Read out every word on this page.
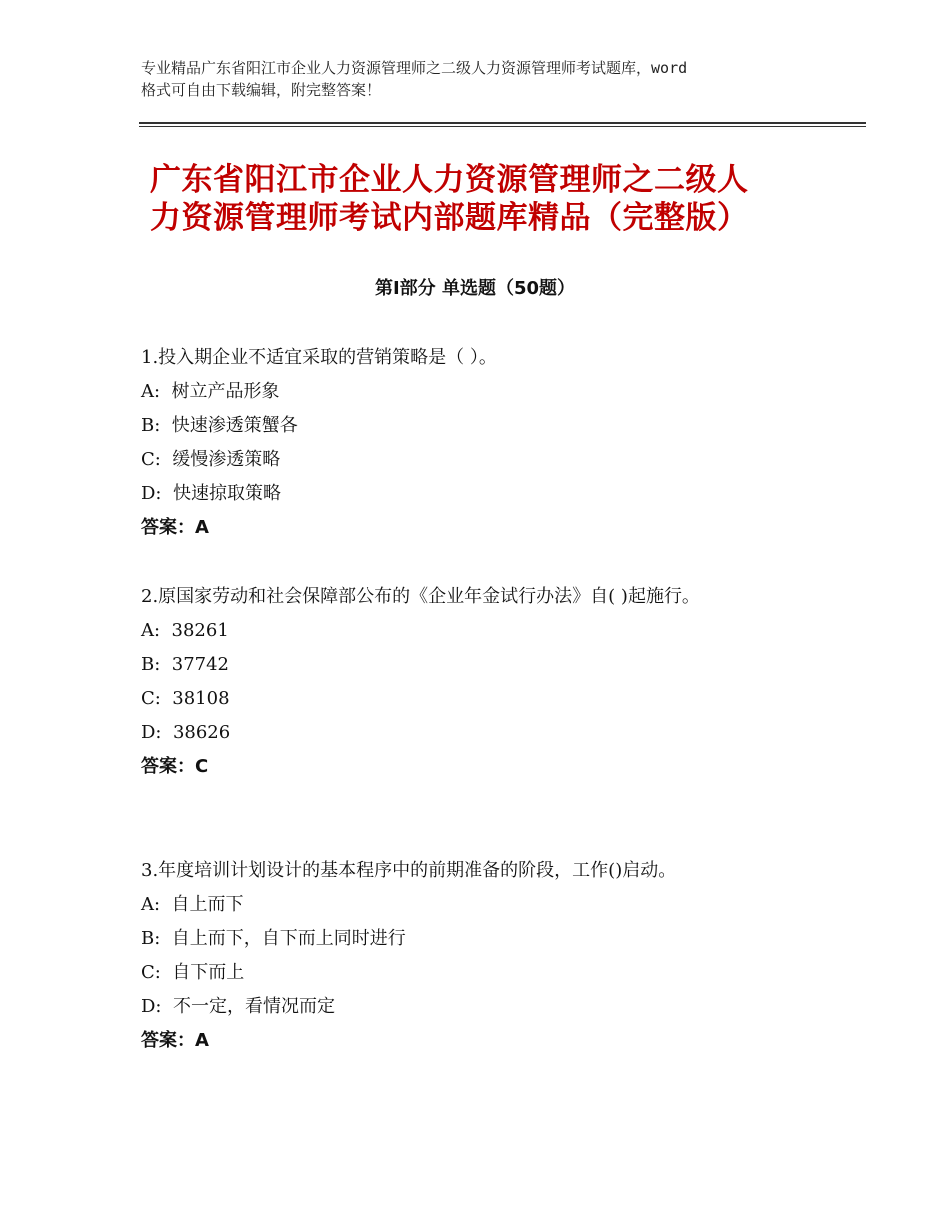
专业精品广东省阳江市企业人力资源管理师之二级人力资源管理师考试题库，word
格式可自由下载编辑，附完整答案！
广东省阳江市企业人力资源管理师之二级人
力资源管理师考试内部题库精品（完整版）
第Ⅰ部分 单选题（50题）

1.投入期企业不适宜采取的营销策略是（ ）。

A:  树立产品形象

B:  快速渗透策蟹各

C:  缓慢渗透策略

D:  快速掠取策略

答案：A

2.原国家劳动和社会保障部公布的《企业年金试行办法》自( )起施行。

A:  38261

B:  37742

C:  38108

D:  38626

答案：C

3.年度培训计划设计的基本程序中的前期准备的阶段，工作()启动。

A:  自上而下

B:  自上而下，自下而上同时进行

C:  自下而上

D:  不一定，看情况而定

答案：A
